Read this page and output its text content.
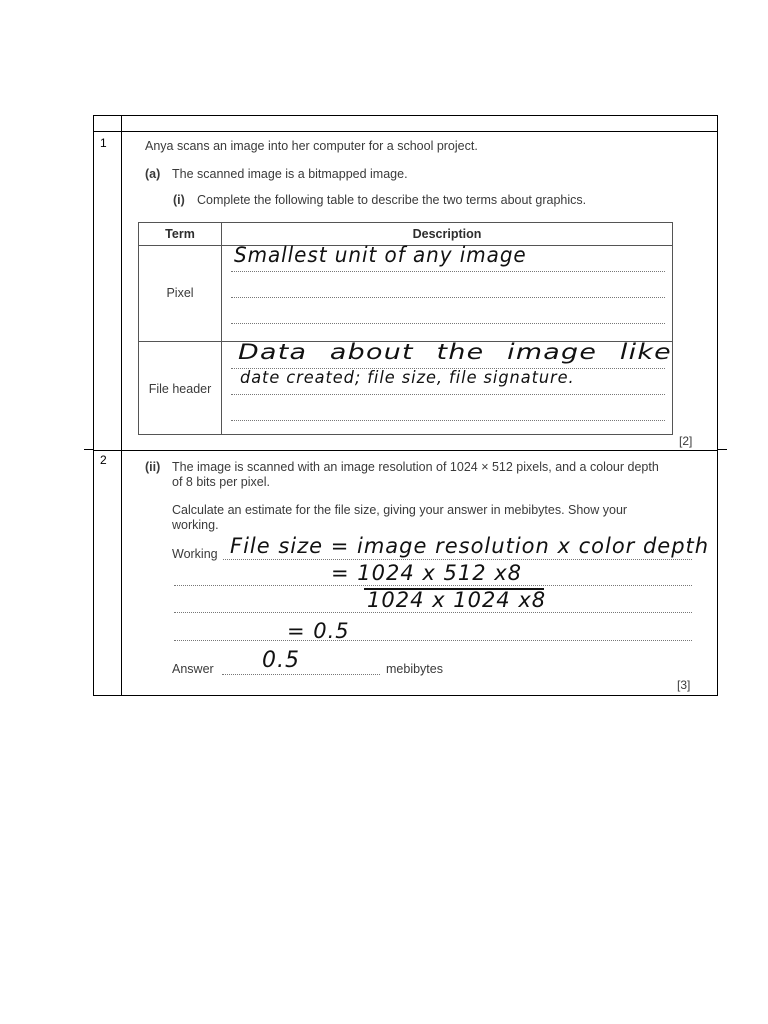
1
2
Anya scans an image into her computer for a school project.
(a) The scanned image is a bitmapped image.
(i) Complete the following table to describe the two terms about graphics.
Term	Description
Pixel
File header
Smallest unit of any image
Data about the image like
date created; file size, file signature.
[2]
(ii) The image is scanned with an image resolution of 1024 × 512 pixels, and a colour depth
of 8 bits per pixel.
Calculate an estimate for the file size, giving your answer in mebibytes. Show your
working.
Working File size = image resolution x color depth
= 1024 x 512 x8
1024 x 1024 x8
= 0.5
Answer 0.5	mebibytes
[3]
